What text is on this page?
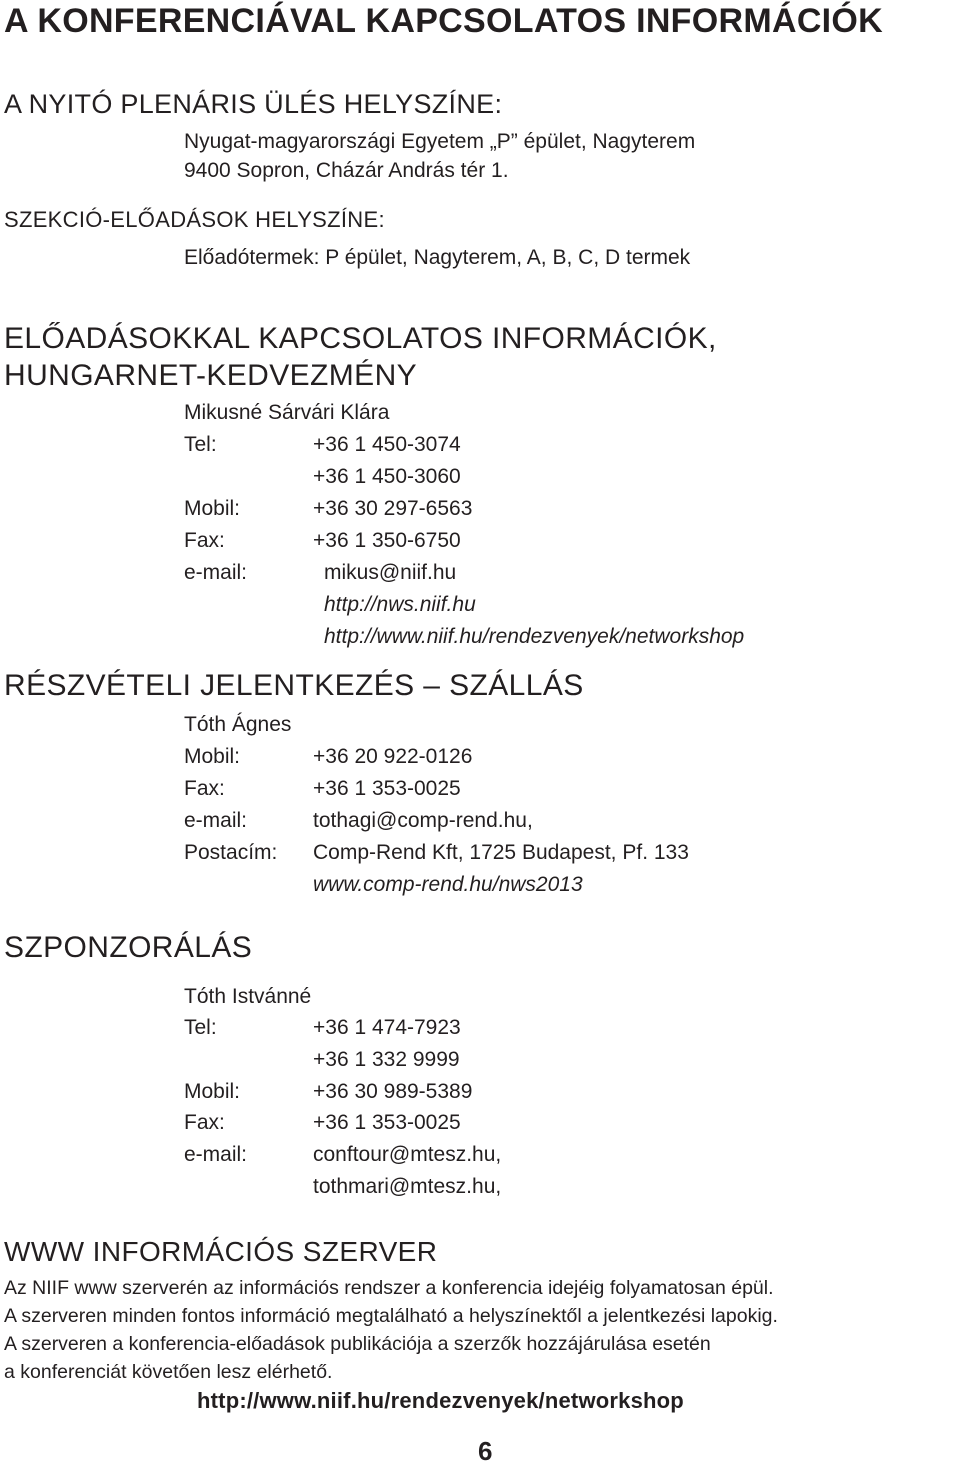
A KONFERENCIÁVAL KAPCSOLATOS INFORMÁCIÓK
A NYITÓ PLENÁRIS ÜLÉS HELYSZÍNE:
Nyugat-magyarországi Egyetem „P” épület, Nagyterem
9400 Sopron, Cházár András tér 1.
SZEKCIÓ-ELŐADÁSOK HELYSZÍNE:
Előadótermek: P épület, Nagyterem, A, B, C, D termek
ELŐADÁSOKKAL KAPCSOLATOS INFORMÁCIÓK,
HUNGARNET-KEDVEZMÉNY
Mikusné Sárvári Klára
Tel:	+36 1 450-3074
+36 1 450-3060
Mobil:	+36 30 297-6563
Fax:	+36 1 350-6750
e-mail:	mikus@niif.hu
http://nws.niif.hu
http://www.niif.hu/rendezvenyek/networkshop
RÉSZVÉTELI JELENTKEZÉS – SZÁLLÁS
Tóth Ágnes
Mobil:	+36 20 922-0126
Fax:	+36 1 353-0025
e-mail:	tothagi@comp-rend.hu,
Postacím: Comp-Rend Kft, 1725 Budapest, Pf. 133
www.comp-rend.hu/nws2013
SZPONZORÁLÁS
Tóth Istvánné
Tel:	+36 1 474-7923
+36 1 332 9999
Mobil:	+36 30 989-5389
Fax:	+36 1 353-0025
e-mail:	conftour@mtesz.hu,
tothmari@mtesz.hu,
WWW INFORMÁCIÓS SZERVER
Az NIIF www szerverén az információs rendszer a konferencia idejéig folyamatosan épül.
A szerveren minden fontos információ megtalálható a helyszínektől a jelentkezési lapokig.
A szerveren a konferencia-előadások publikációja a szerzők hozzájárulása esetén
a konferenciát követően lesz elérhető.
http://www.niif.hu/rendezvenyek/networkshop
6
